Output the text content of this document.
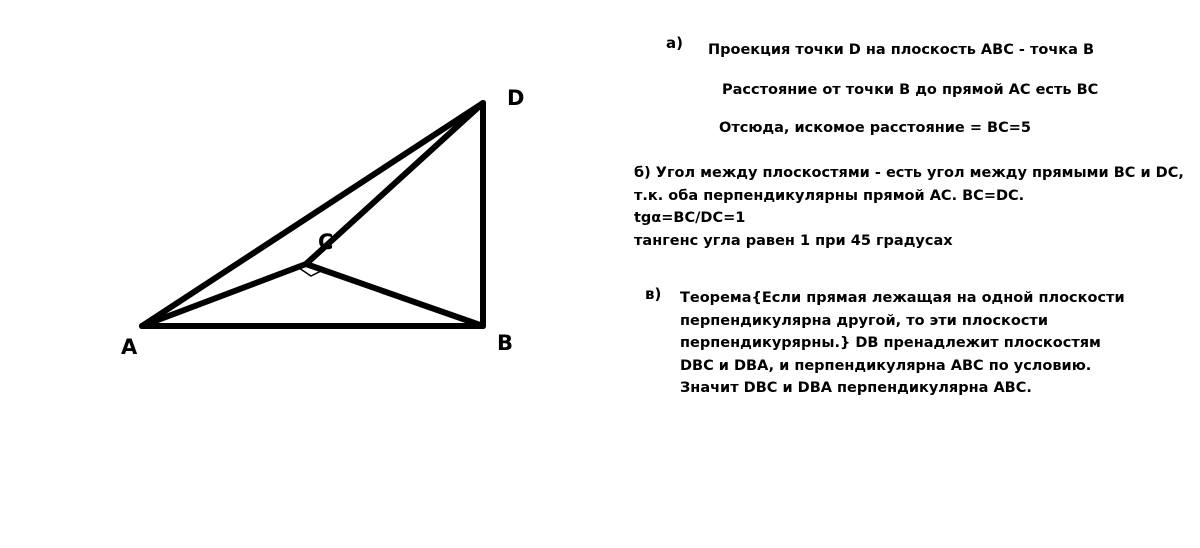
A	B
C
D
а) Проекция точки D на плоскость АВС - точка В
Расстояние от точки В до прямой АС есть ВС
Отсюда, искомое расстояние = ВС=5
б) Угол между плоскостями - есть угол между прямыми ВС и DC,
т.к. оба перпендикулярны прямой АС. ВС=DC.
tgα=BC/DC=1
тангенс угла равен 1 при 45 градусах
в) Теорема{Если прямая лежащая на одной плоскости
перпендикулярна другой, то эти плоскости
перпендикурярны.} DB пренадлежит плоскостям
DBC и DBA, и перпендикулярна АВС по условию.
Значит DBC и DBA перпендикулярна АВС.
